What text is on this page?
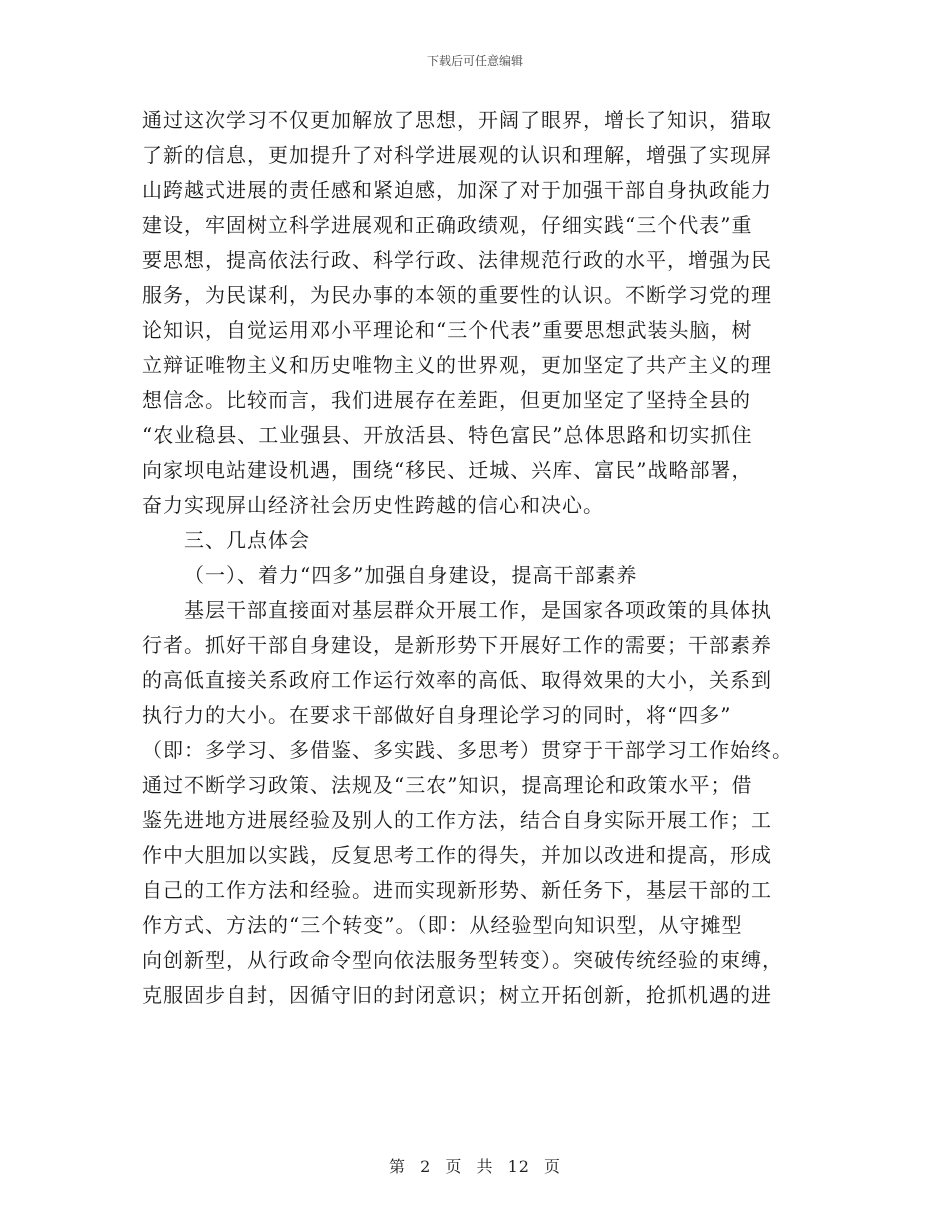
下载后可任意编辑
通过这次学习不仅更加解放了思想，开阔了眼界，增长了知识，猎取
了新的信息，更加提升了对科学进展观的认识和理解，增强了实现屏
山跨越式进展的责任感和紧迫感，加深了对于加强干部自身执政能力
建设，牢固树立科学进展观和正确政绩观，仔细实践“三个代表”重
要思想，提高依法行政、科学行政、法律规范行政的水平，增强为民
服务，为民谋利，为民办事的本领的重要性的认识。不断学习党的理
论知识，自觉运用邓小平理论和“三个代表”重要思想武装头脑，树
立辩证唯物主义和历史唯物主义的世界观，更加坚定了共产主义的理
想信念。比较而言，我们进展存在差距，但更加坚定了坚持全县的
“农业稳县、工业强县、开放活县、特色富民”总体思路和切实抓住
向家坝电站建设机遇，围绕“移民、迁城、兴库、富民”战略部署，
奋力实现屏山经济社会历史性跨越的信心和决心。
三、几点体会
（一）、着力“四多”加强自身建设，提高干部素养
基层干部直接面对基层群众开展工作，是国家各项政策的具体执
行者。抓好干部自身建设，是新形势下开展好工作的需要；干部素养
的高低直接关系政府工作运行效率的高低、取得效果的大小，关系到
执行力的大小。在要求干部做好自身理论学习的同时，将“四多”
（即：多学习、多借鉴、多实践、多思考）贯穿于干部学习工作始终。
通过不断学习政策、法规及“三农”知识，提高理论和政策水平；借
鉴先进地方进展经验及别人的工作方法，结合自身实际开展工作；工
作中大胆加以实践，反复思考工作的得失，并加以改进和提高，形成
自己的工作方法和经验。进而实现新形势、新任务下，基层干部的工
作方式、方法的“三个转变”。（即：从经验型向知识型，从守摊型
向创新型，从行政命令型向依法服务型转变）。突破传统经验的束缚，
克服固步自封，因循守旧的封闭意识；树立开拓创新，抢抓机遇的进
第 2 页 共 12 页
